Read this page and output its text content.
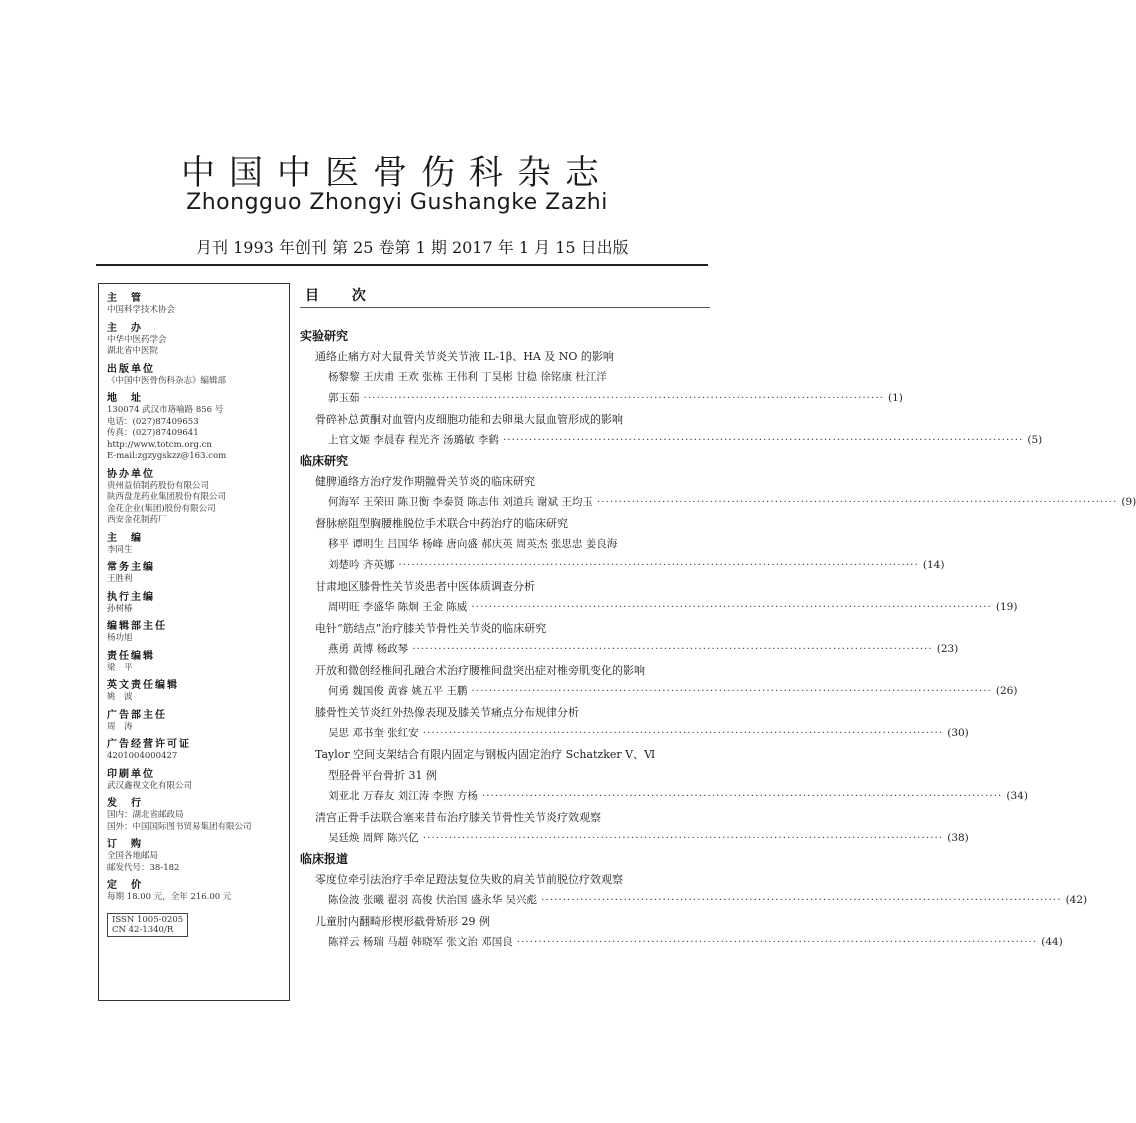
中国中医骨伤科杂志
Zhongguo Zhongyi Gushangke Zazhi
月刊 1993 年创刊 第 25 卷第 1 期 2017 年 1 月 15 日出版
主　管
中国科学技术协会
主　办
中华中医药学会
湖北省中医院
出版单位
《中国中医骨伤科杂志》编辑部
地　址
130074 武汉市珞喻路 856 号
电话：(027)87409653
传真：(027)87409641
http://www.totcm.org.cn
E-mail:zgzygskzz@163.com
协办单位
贵州益佰制药股份有限公司
陕西盘龙药业集团股份有限公司
金花企业(集团)股份有限公司
西安金花制药厂
主　编
李同生
常务主编
王胜利
执行主编
孙树椿
编辑部主任
杨功旭
责任编辑
梁　平
英文责任编辑
姚　波
广告部主任
周　涛
广告经营许可证
4201004000427
印刷单位
武汉鑫视文化有限公司
发　行
国内：湖北省邮政局
国外：中国国际图书贸易集团有限公司
订　购
全国各地邮局
邮发代号：38-182
定　价
每期 18.00 元，全年 216.00 元
ISSN 1005-0205
CN 42-1340/R
目 次
实验研究
通络止痛方对大鼠骨关节炎关节液 IL-1β、HA 及 NO 的影响
杨黎黎 王庆甫 王欢 张栋 王伟利 丁昊彬 甘稳 徐铭康 杜江洋
郭玉茹 ························································································································ (1)
骨碎补总黄酮对血管内皮细胞功能和去卵巢大鼠血管形成的影响
上官文姬 李晨春 程光齐 汤璐敏 李鹤 ························································································································ (5)
临床研究
健脾通络方治疗发作期髋骨关节炎的临床研究
何海军 王荣田 陈卫衡 李泰贤 陈志伟 刘道兵 谢斌 王均玉 ························································································································ (9)
督脉瘀阻型胸腰椎脱位手术联合中药治疗的临床研究
移平 谭明生 吕国华 杨峰 唐向盛 郝庆英 周英杰 张思忠 姜良海
刘楚吟 齐英娜 ························································································································ (14)
甘肃地区膝骨性关节炎患者中医体质调查分析
周明旺 李盛华 陈炯 王金 陈威 ························································································································ (19)
电针“筋结点”治疗膝关节骨性关节炎的临床研究
燕勇 黄博 杨政琴 ························································································································ (23)
开放和微创经椎间孔融合术治疗腰椎间盘突出症对椎旁肌变化的影响
何勇 魏国俊 黄睿 姚五平 王鹏 ························································································································ (26)
膝骨性关节炎红外热像表现及膝关节痛点分布规律分析
吴思 邓书奎 张红安 ························································································································ (30)
Taylor 空间支架结合有限内固定与钢板内固定治疗 Schatzker Ⅴ、Ⅵ
型胫骨平台骨折 31 例
刘亚北 万春友 刘江涛 李煦 方杨 ························································································································ (34)
清宫正骨手法联合塞来昔布治疗膝关节骨性关节炎疗效观察
吴廷焕 周辉 陈兴亿 ························································································································ (38)
临床报道
零度位牵引法治疗手牵足蹬法复位失败的肩关节前脱位疗效观察
陈俭波 张曦 翟羽 高俊 伏治国 盛永华 吴兴彪 ························································································································ (42)
儿童肘内翻畸形楔形截骨矫形 29 例
陈祥云 杨瑞 马超 韩晓军 张文治 邓国良 ························································································································ (44)
